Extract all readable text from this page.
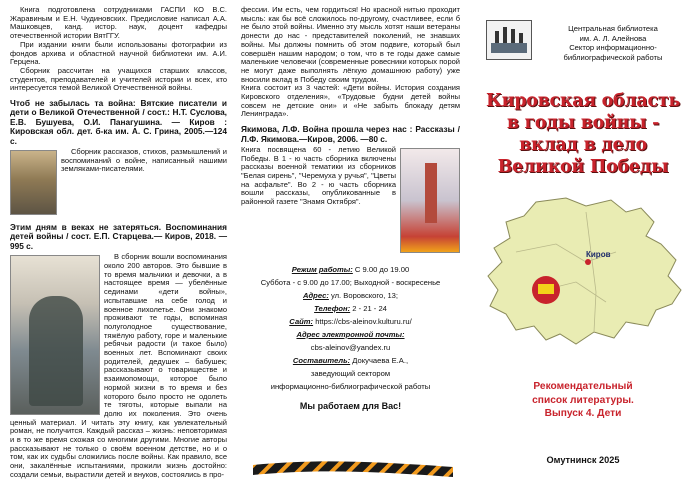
Книга подготовлена сотрудниками ГАСПИ КО В.С. Жаравиным и Е.Н. Чудиновских. Предисловие написал А.А. Машковцев, канд. истор. наук, доцент кафедры отечественной истории ВятГГУ.

При издании книги были использованы фотографии из фондов архива и областной научной библиотеки им. А.И. Герцена.

Сборник рассчитан на учащихся старших классов, студентов, преподавателей и учителей истории и всех, кто интересуется темой Великой Отечественной войны.

Чтоб не забылась та война: Вятские писатели и дети о Великой Отечественной / сост.: Н.Т. Суслова, Е.В. Бушуева, О.И. Панагушина. — Киров : Кировская обл. дет. б-ка им. А. С. Грина, 2005.—124 с.

Сборник рассказов, стихов, размышлений и воспоминаний о войне, написанный нашими земляками-писателями.

Этим дням в веках не затеряться. Воспоминания детей войны / сост. Е.П. Старцева.— Киров, 2018. — 995 с.

В сборник вошли воспоминания около 200 авторов. Это бывшие в то время мальчики и девочки, а в настоящее время — убелённые сединами «дети войны», испытавшие на себе голод и военное лихолетье. Они знакомо проживают те годы, вспоминая полуголодное существование, тяжёлую работу, горе и маленькие ребячьи радости (и такое было) военных лет. Вспоминают своих родителей, дедушек – бабушек; рассказывают о товариществе и взаимопомощи, которое было нормой жизни в то время и без которого было просто не одолеть те тяготы, которые выпали на долю их поколения. Это очень ценный материал. И читать эту книгу, как увлекательный роман, не получится. Каждый рассказ – жизнь: неповторимая и в то же время схожая со многими другими. Многие авторы рассказывают не только о своём военном детстве, но и о том, как их судьбы сложились после войны. Как правило, все они, закалённые испытаниями, прожили жизнь достойно: создали семьи, вырастили детей и внуков, состоялись в про-

фессии. Им есть, чем гордиться! Но красной нитью проходит мысль: как бы всё сложилось по-другому, счастливее, если б не было этой войны. Именно эту мысль хотят наши ветераны донести до нас - представителей поколений, не знавших войны. Мы должны помнить об этом подвиге, который был совершён нашим народом; о том, что в те годы даже самые маленькие человечки (современные ровесники которых порой не могут даже выполнять лёгкую домашнюю работу) уже вносили вклад в Победу своим трудом.

Книга состоит из 3 частей: «Дети войны. История создания Кировского отделения», «Трудовые будни детей войны совсем не детские они» и «Не забыть блокаду детям Ленинграда».

Якимова, Л.Ф. Война прошла через нас : Рассказы / Л.Ф. Якимова.—Киров, 2006. —80 с.

Книга посвящена 60 - летию Великой Победы. В 1 - ю часть сборника включены рассказы военной тематики из сборников "Белая сирень", "Черемуха у ручья", "Цветы на асфальте". Во 2 - ю часть сборника вошли рассказы, опубликованные в районной газете "Знамя Октября".

Режим работы: С 9.00 до 19.00

Суббота - с 9.00 до 17.00; Выходной - воскресенье

Адрес: ул. Воровского, 13;

Телефон: 2 - 21 - 24

Сайт: https://cbs-aleinov.kulturu.ru/

Адрес электронной почты:

cbs-aleinov@yandex.ru

Составитель: Докучаева Е.А.,

заведующий сектором

информационно-библиографической работы

Мы работаем для Вас!

Центральная библиотека
им. А. Л. Алейнова
Сектор информационно-
библиографической работы

Кировская область
в годы войны -
вклад в дело
Великой Победы
Киров
Рекомендательный
список литературы.
Выпуск 4. Дети
Омутнинск 2025
